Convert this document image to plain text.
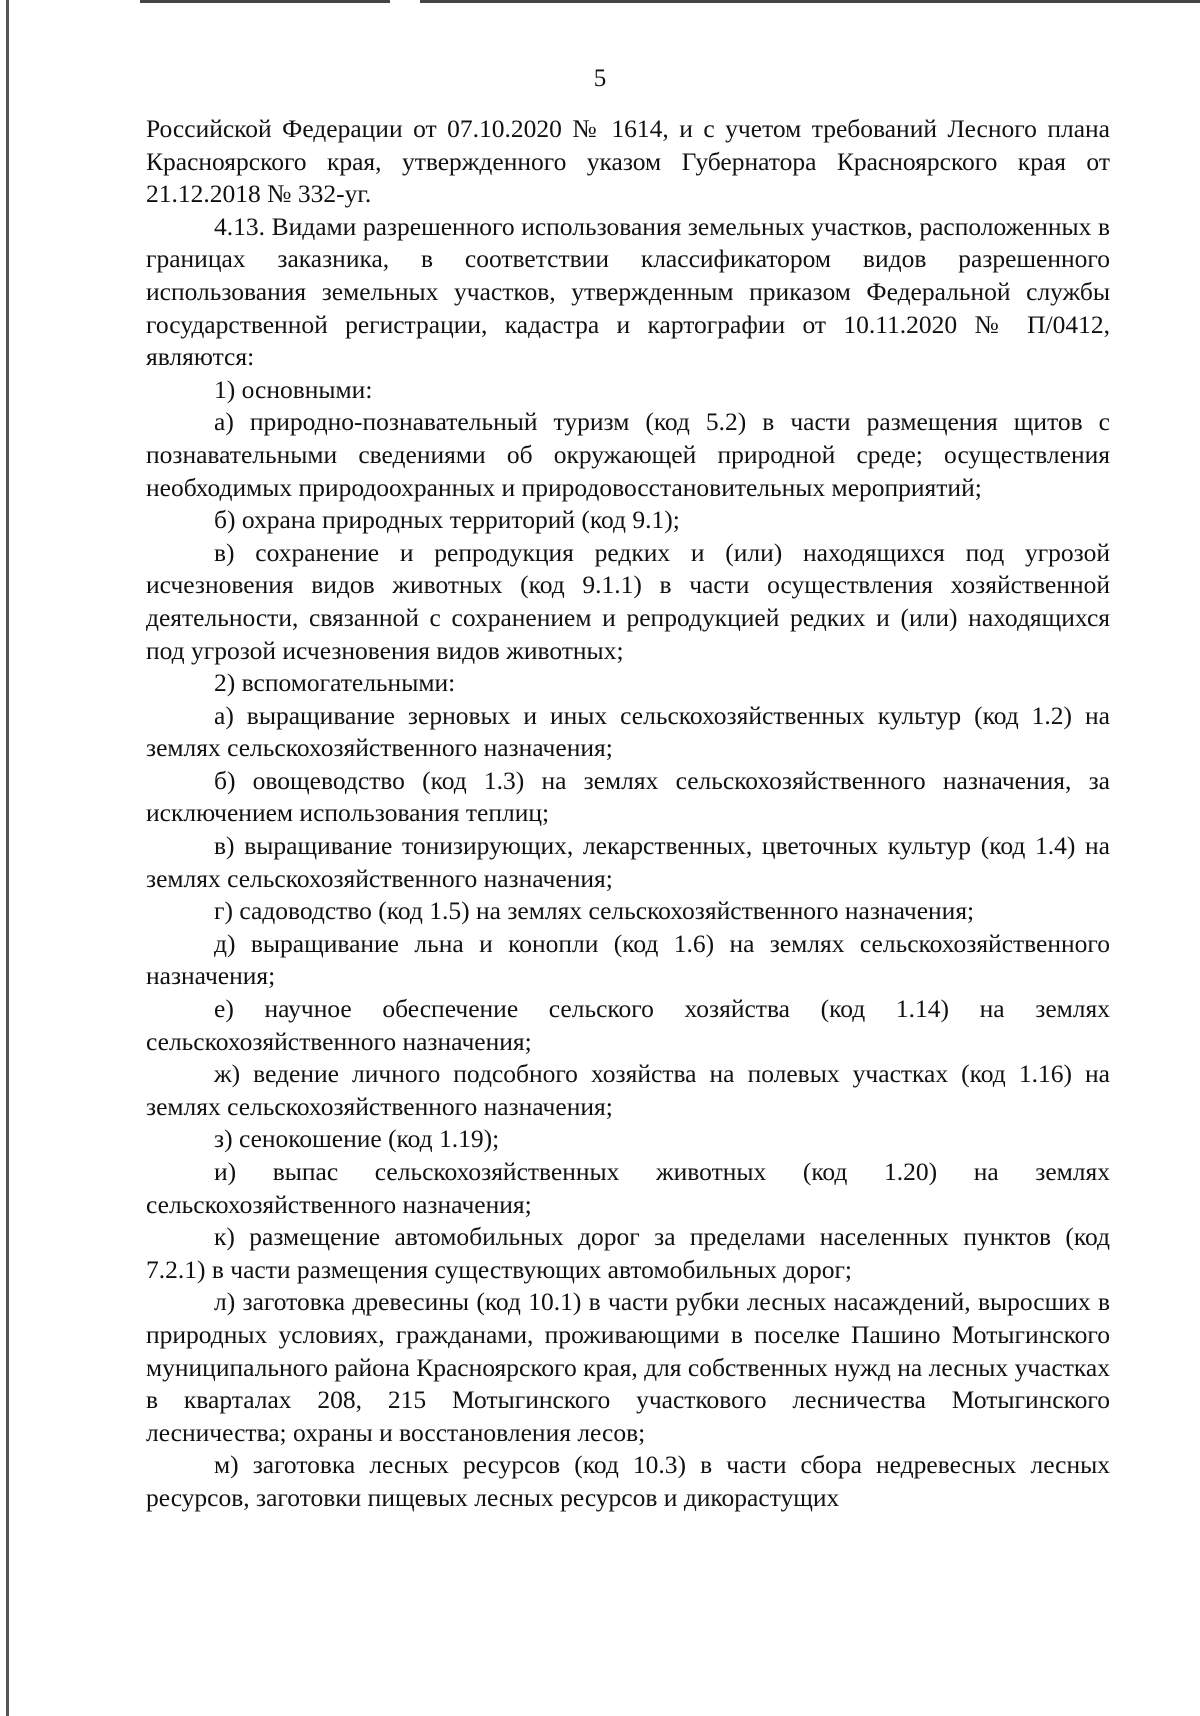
5

Российской Федерации от 07.10.2020 № 1614, и с учетом требований Лесного плана Красноярского края, утвержденного указом Губернатора Красноярского края от 21.12.2018 № 332-уг.

4.13. Видами разрешенного использования земельных участков, расположенных в границах заказника, в соответствии классификатором видов разрешенного использования земельных участков, утвержденным приказом Федеральной службы государственной регистрации, кадастра и картографии от 10.11.2020 № П/0412, являются:

1) основными:

а) природно-познавательный туризм (код 5.2) в части размещения щитов с познавательными сведениями об окружающей природной среде; осуществления необходимых природоохранных и природовосстановительных мероприятий;

б) охрана природных территорий (код 9.1);

в) сохранение и репродукция редких и (или) находящихся под угрозой исчезновения видов животных (код 9.1.1) в части осуществления хозяйственной деятельности, связанной с сохранением и репродукцией редких и (или) находящихся под угрозой исчезновения видов животных;

2) вспомогательными:

а) выращивание зерновых и иных сельскохозяйственных культур (код 1.2) на землях сельскохозяйственного назначения;

б) овощеводство (код 1.3) на землях сельскохозяйственного назначения, за исключением использования теплиц;

в) выращивание тонизирующих, лекарственных, цветочных культур (код 1.4) на землях сельскохозяйственного назначения;

г) садоводство (код 1.5) на землях сельскохозяйственного назначения;

д) выращивание льна и конопли (код 1.6) на землях сельскохозяйственного назначения;

е) научное обеспечение сельского хозяйства (код 1.14) на землях сельскохозяйственного назначения;

ж) ведение личного подсобного хозяйства на полевых участках (код 1.16) на землях сельскохозяйственного назначения;

з) сенокошение (код 1.19);

и) выпас сельскохозяйственных животных (код 1.20) на землях сельскохозяйственного назначения;

к) размещение автомобильных дорог за пределами населенных пунктов (код 7.2.1) в части размещения существующих автомобильных дорог;

л) заготовка древесины (код 10.1) в части рубки лесных насаждений, выросших в природных условиях, гражданами, проживающими в поселке Пашино Мотыгинского муниципального района Красноярского края, для собственных нужд на лесных участках в кварталах 208, 215 Мотыгинского участкового лесничества Мотыгинского лесничества; охраны и восстановления лесов;

м) заготовка лесных ресурсов (код 10.3) в части сбора недревесных лесных ресурсов, заготовки пищевых лесных ресурсов и дикорастущих
